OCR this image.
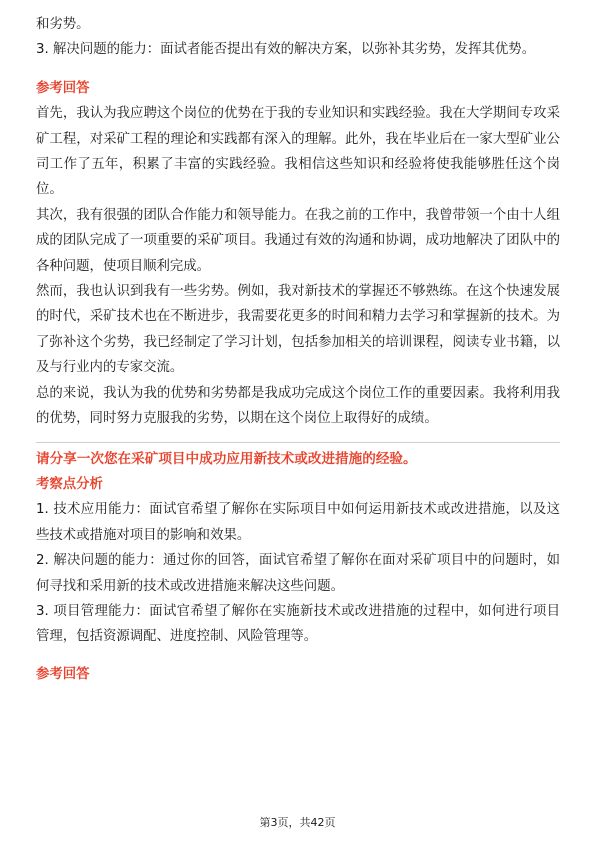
和劣势。

3. 解决问题的能力：面试者能否提出有效的解决方案，以弥补其劣势，发挥其优势。

参考回答

首先，我认为我应聘这个岗位的优势在于我的专业知识和实践经验。我在大学期间专攻采矿工程，对采矿工程的理论和实践都有深入的理解。此外，我在毕业后在一家大型矿业公司工作了五年，积累了丰富的实践经验。我相信这些知识和经验将使我能够胜任这个岗位。

其次，我有很强的团队合作能力和领导能力。在我之前的工作中，我曾带领一个由十人组成的团队完成了一项重要的采矿项目。我通过有效的沟通和协调，成功地解决了团队中的各种问题，使项目顺利完成。

然而，我也认识到我有一些劣势。例如，我对新技术的掌握还不够熟练。在这个快速发展的时代，采矿技术也在不断进步，我需要花更多的时间和精力去学习和掌握新的技术。为了弥补这个劣势，我已经制定了学习计划，包括参加相关的培训课程，阅读专业书籍，以及与行业内的专家交流。

总的来说，我认为我的优势和劣势都是我成功完成这个岗位工作的重要因素。我将利用我的优势，同时努力克服我的劣势，以期在这个岗位上取得好的成绩。

请分享一次您在采矿项目中成功应用新技术或改进措施的经验。

考察点分析

1. 技术应用能力：面试官希望了解你在实际项目中如何运用新技术或改进措施，以及这些技术或措施对项目的影响和效果。

2. 解决问题的能力：通过你的回答，面试官希望了解你在面对采矿项目中的问题时，如何寻找和采用新的技术或改进措施来解决这些问题。

3. 项目管理能力：面试官希望了解你在实施新技术或改进措施的过程中，如何进行项目管理，包括资源调配、进度控制、风险管理等。

参考回答

第3页，共42页
